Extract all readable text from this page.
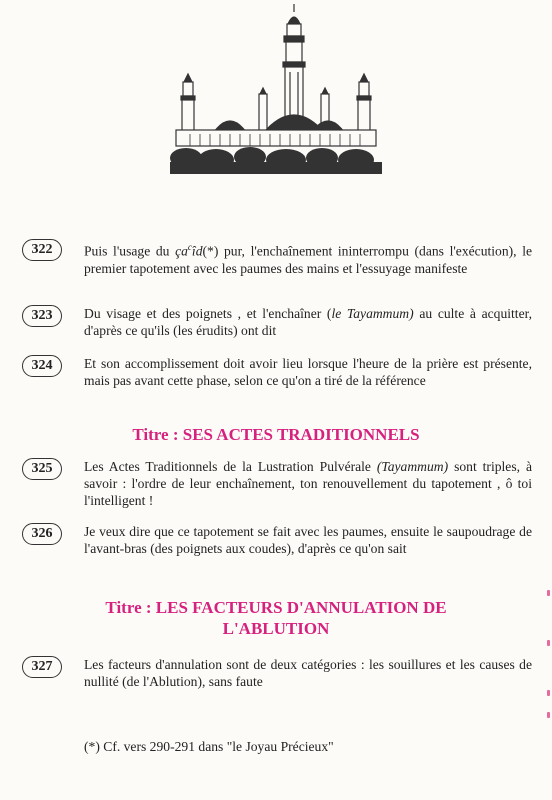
322	Puis l'usage du $ça^cîd(*)$ pur, l'enchaînement ininterrompu (dans l'exécution), le premier tapotement avec les paumes des mains et l'essuyage manifeste
323	Du visage et des poignets , et l'enchaîner (le Tayammum) au culte à acquitter, d'après ce qu'ils (les érudits) ont dit
324	Et son accomplissement doit avoir lieu lorsque l'heure de la prière est présente, mais pas avant cette phase, selon ce qu'on a tiré de la référence
Titre : SES ACTES TRADITIONNELS
325	Les Actes Traditionnels de la Lustration Pulvérale (Tayammum) sont triples, à savoir : l'ordre de leur enchaînement, ton renouvellement du tapotement , ô toi l'intelligent !
326	Je veux dire que ce tapotement se fait avec les paumes, ensuite le saupoudrage de l'avant-bras (des poignets aux coudes), d'après ce qu'on sait
Titre : LES FACTEURS D'ANNULATION DE
L'ABLUTION
327	Les facteurs d'annulation sont de deux catégories : les souillures et les causes de nullité (de l'Ablution), sans faute
(*) Cf. vers 290-291 dans "le Joyau Précieux"
